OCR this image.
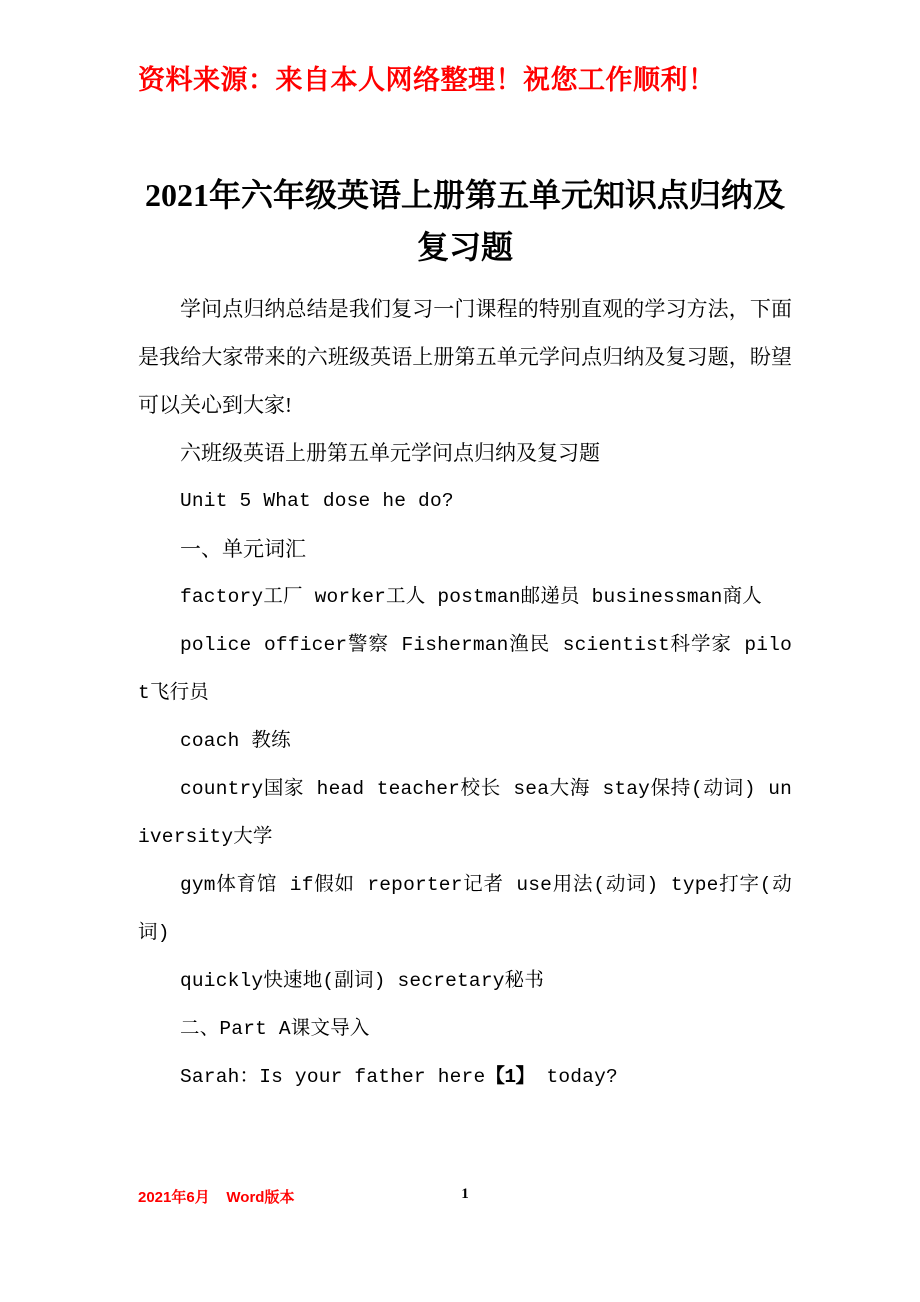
资料来源：来自本人网络整理！祝您工作顺利！
2021年六年级英语上册第五单元知识点归纳及复习题

学问点归纳总结是我们复习一门课程的特别直观的学习方法，下面是我给大家带来的六班级英语上册第五单元学问点归纳及复习题，盼望可以关心到大家!

六班级英语上册第五单元学问点归纳及复习题

Unit 5 What dose he do?

一、单元词汇

factory工厂 worker工人 postman邮递员 businessman商人

police officer警察 Fisherman渔民 scientist科学家 pilot飞行员

coach 教练

country国家 head teacher校长 sea大海 stay保持(动词) university大学

gym体育馆 if假如 reporter记者 use用法(动词) type打字(动词)

quickly快速地(副词) secretary秘书

二、Part A课文导入

Sarah：Is your father here【1】 today?

2021年6月 Word版本	1
